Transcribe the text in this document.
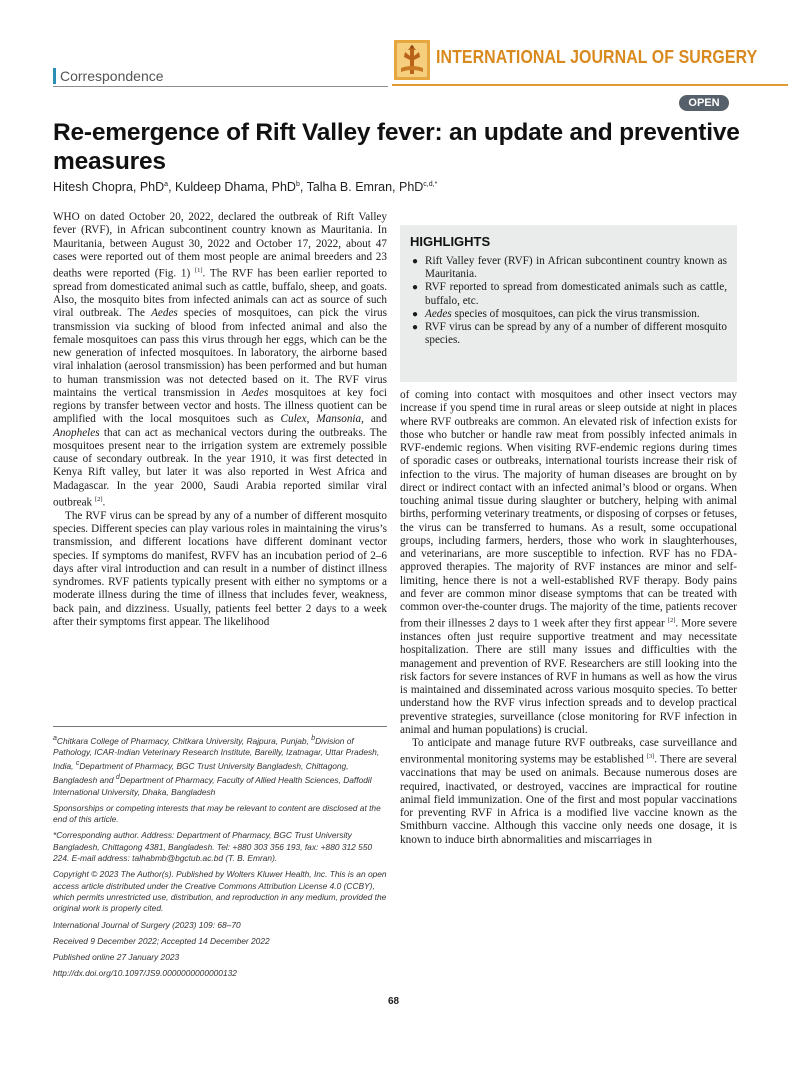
INTERNATIONAL JOURNAL OF SURGERY
Correspondence
OPEN
Re-emergence of Rift Valley fever: an update and preventive measures
Hitesh Chopra, PhD$^a$, Kuldeep Dhama, PhD$^b$, Talha B. Emran, PhD$^{c,d,*}$

WHO on dated October 20, 2022, declared the outbreak of Rift Valley fever (RVF), in African subcontinent country known as Mauritania. In Mauritania, between August 30, 2022 and October 17, 2022, about 47 cases were reported out of them most people are animal breeders and 23 deaths were reported (Fig. 1) [1]. The RVF has been earlier reported to spread from domesticated animal such as cattle, buffalo, sheep, and goats. Also, the mosquito bites from infected animals can act as source of such viral outbreak. The Aedes species of mosquitoes, can pick the virus transmission via sucking of blood from infected animal and also the female mosquitoes can pass this virus through her eggs, which can be the new generation of infected mosquitoes. In laboratory, the airborne based viral inhalation (aerosol transmission) has been performed and but human to human transmission was not detected based on it. The RVF virus maintains the vertical transmission in Aedes mosquitoes at key foci regions by transfer between vector and hosts. The illness quotient can be amplified with the local mosquitoes such as Culex, Mansonia, and Anopheles that can act as mechanical vectors during the outbreaks. The mosquitoes present near to the irrigation system are extremely possible cause of secondary outbreak. In the year 1910, it was first detected in Kenya Rift valley, but later it was also reported in West Africa and Madagascar. In the year 2000, Saudi Arabia reported similar viral outbreak [2].

The RVF virus can be spread by any of a number of different mosquito species. Different species can play various roles in maintaining the virus’s transmission, and different locations have different dominant vector species. If symptoms do manifest, RVFV has an incubation period of 2–6 days after viral introduction and can result in a number of distinct illness syndromes. RVF patients typically present with either no symptoms or a moderate illness during the time of illness that includes fever, weakness, back pain, and dizziness. Usually, patients feel better 2 days to a week after their symptoms first appear. The likelihood

HIGHLIGHTS
● Rift Valley fever (RVF) in African subcontinent country known as Mauritania.
● RVF reported to spread from domesticated animals such as cattle, buffalo, etc.
● Aedes species of mosquitoes, can pick the virus transmission.
● RVF virus can be spread by any of a number of different mosquito species.

of coming into contact with mosquitoes and other insect vectors may increase if you spend time in rural areas or sleep outside at night in places where RVF outbreaks are common. An elevated risk of infection exists for those who butcher or handle raw meat from possibly infected animals in RVF-endemic regions. When visiting RVF-endemic regions during times of sporadic cases or outbreaks, international tourists increase their risk of infection to the virus. The majority of human diseases are brought on by direct or indirect contact with an infected animal’s blood or organs. When touching animal tissue during slaughter or butchery, helping with animal births, performing veterinary treatments, or disposing of corpses or fetuses, the virus can be transferred to humans. As a result, some occupational groups, including farmers, herders, those who work in slaughterhouses, and veterinarians, are more susceptible to infection. RVF has no FDA-approved therapies. The majority of RVF instances are minor and self-limiting, hence there is not a well-established RVF therapy. Body pains and fever are common minor disease symptoms that can be treated with common over-the-counter drugs. The majority of the time, patients recover from their illnesses 2 days to 1 week after they first appear [2]. More severe instances often just require supportive treatment and may necessitate hospitalization. There are still many issues and difficulties with the management and prevention of RVF. Researchers are still looking into the risk factors for severe instances of RVF in humans as well as how the virus is maintained and disseminated across various mosquito species. To better understand how the RVF virus infection spreads and to develop practical preventive strategies, surveillance (close monitoring for RVF infection in animal and human populations) is crucial.

To anticipate and manage future RVF outbreaks, case surveillance and environmental monitoring systems may be established [3]. There are several vaccinations that may be used on animals. Because numerous doses are required, inactivated, or destroyed, vaccines are impractical for routine animal field immunization. One of the first and most popular vaccinations for preventing RVF in Africa is a modified live vaccine known as the Smithburn vaccine. Although this vaccine only needs one dosage, it is known to induce birth abnormalities and miscarriages in

$^a$Chitkara College of Pharmacy, Chitkara University, Rajpura, Punjab, $^b$Division of Pathology, ICAR-Indian Veterinary Research Institute, Bareilly, Izatnagar, Uttar Pradesh, India, $^c$Department of Pharmacy, BGC Trust University Bangladesh, Chittagong, Bangladesh and $^d$Department of Pharmacy, Faculty of Allied Health Sciences, Daffodil International University, Dhaka, Bangladesh
Sponsorships or competing interests that may be relevant to content are disclosed at the end of this article.
*Corresponding author. Address: Department of Pharmacy, BGC Trust University Bangladesh, Chittagong 4381, Bangladesh. Tel: +880 303 356 193, fax: +880 312 550 224. E-mail address: talhabmb@bgctub.ac.bd (T. B. Emran).
Copyright © 2023 The Author(s). Published by Wolters Kluwer Health, Inc. This is an open access article distributed under the Creative Commons Attribution License 4.0 (CCBY), which permits unrestricted use, distribution, and reproduction in any medium, provided the original work is properly cited.
International Journal of Surgery (2023) 109: 68–70
Received 9 December 2022; Accepted 14 December 2022
Published online 27 January 2023
http://dx.doi.org/10.1097/JS9.0000000000000132
68
